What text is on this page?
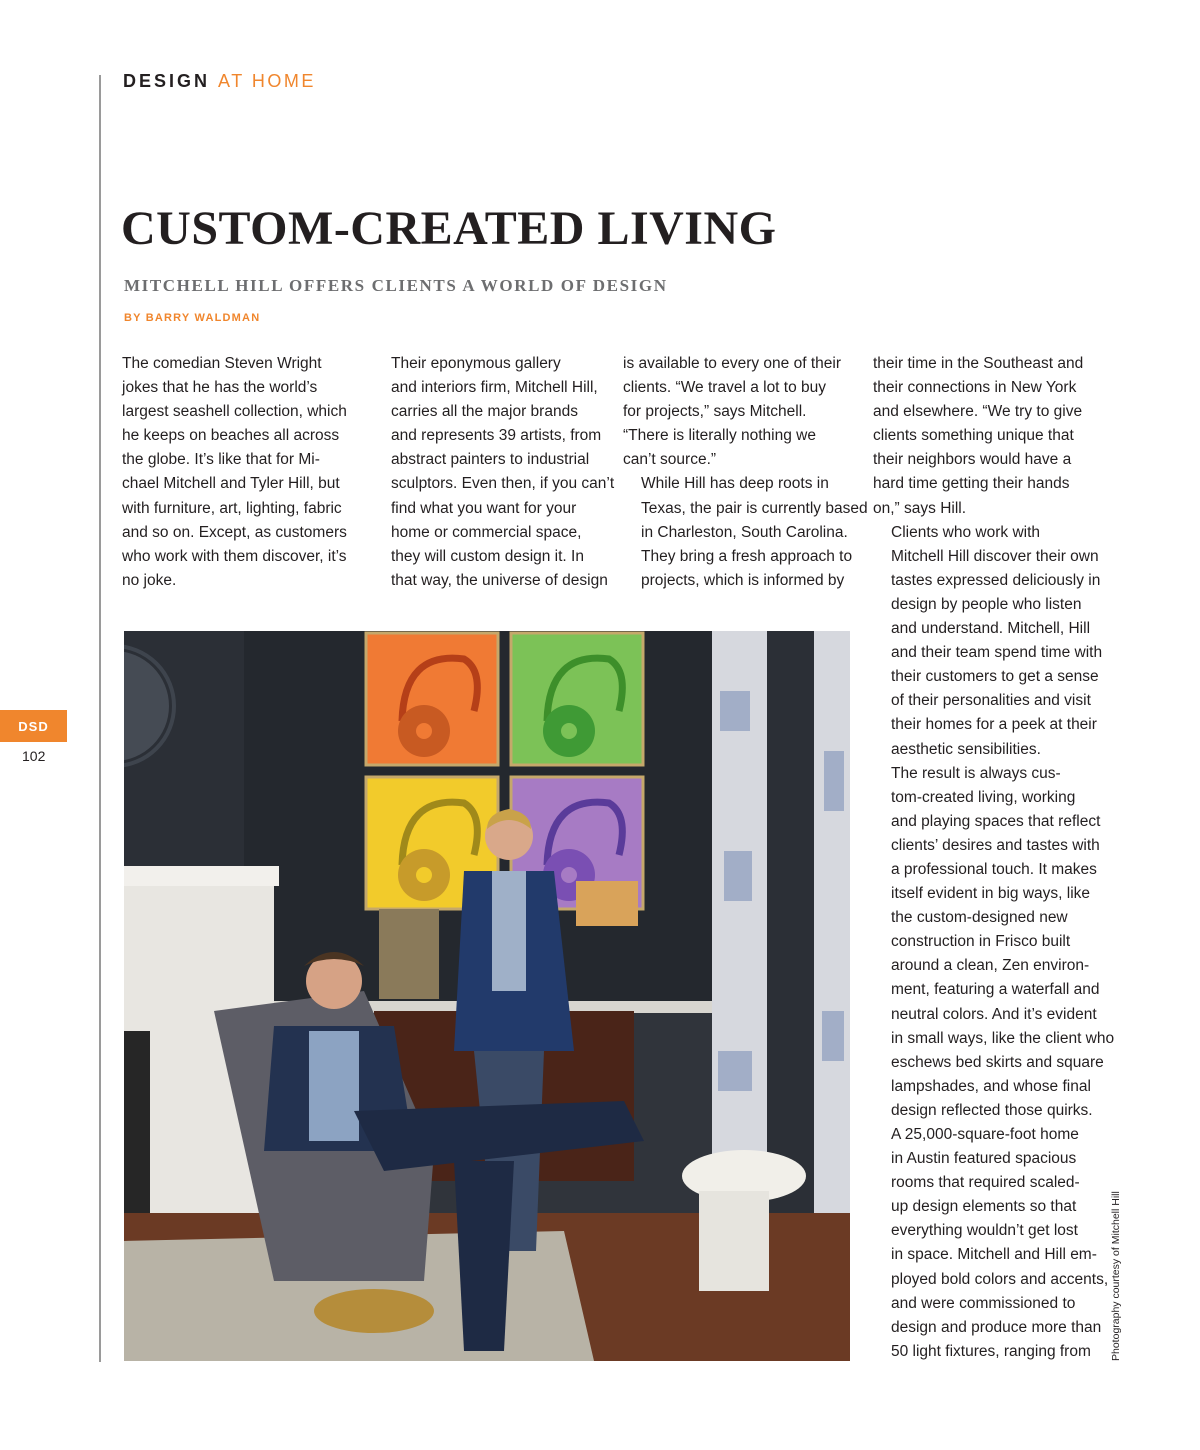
DESIGN AT HOME
CUSTOM-CREATED LIVING
MITCHELL HILL OFFERS CLIENTS A WORLD OF DESIGN
BY BARRY WALDMAN

The comedian Steven Wright
jokes that he has the world’s
largest seashell collection, which
he keeps on beaches all across
the globe. It’s like that for Mi-
chael Mitchell and Tyler Hill, but
with furniture, art, lighting, fabric
and so on. Except, as customers
who work with them discover, it’s
no joke.

Their eponymous gallery
and interiors firm, Mitchell Hill,
carries all the major brands
and represents 39 artists, from
abstract painters to industrial
sculptors. Even then, if you can’t
find what you want for your
home or commercial space,
they will custom design it. In
that way, the universe of design

is available to every one of their
clients. “We travel a lot to buy
for projects,” says Mitchell.
“There is literally nothing we
can’t source.”

While Hill has deep roots in
Texas, the pair is currently based
in Charleston, South Carolina.
They bring a fresh approach to
projects, which is informed by

their time in the Southeast and
their connections in New York
and elsewhere. “We try to give
clients something unique that
their neighbors would have a
hard time getting their hands
on,” says Hill.

Clients who work with
Mitchell Hill discover their own
tastes expressed deliciously in
design by people who listen
and understand. Mitchell, Hill
and their team spend time with
their customers to get a sense
of their personalities and visit
their homes for a peek at their
aesthetic sensibilities.

The result is always cus-
tom-created living, working
and playing spaces that reflect
clients’ desires and tastes with
a professional touch. It makes
itself evident in big ways, like
the custom-designed new
construction in Frisco built
around a clean, Zen environ-
ment, featuring a waterfall and
neutral colors. And it’s evident
in small ways, like the client who
eschews bed skirts and square
lampshades, and whose final
design reflected those quirks.

A 25,000-square-foot home
in Austin featured spacious
rooms that required scaled-
up design elements so that
everything wouldn’t get lost
in space. Mitchell and Hill em-
ployed bold colors and accents,
and were commissioned to
design and produce more than
50 light fixtures, ranging from	Photography courtesy of Mitchell Hill
DSD
102
